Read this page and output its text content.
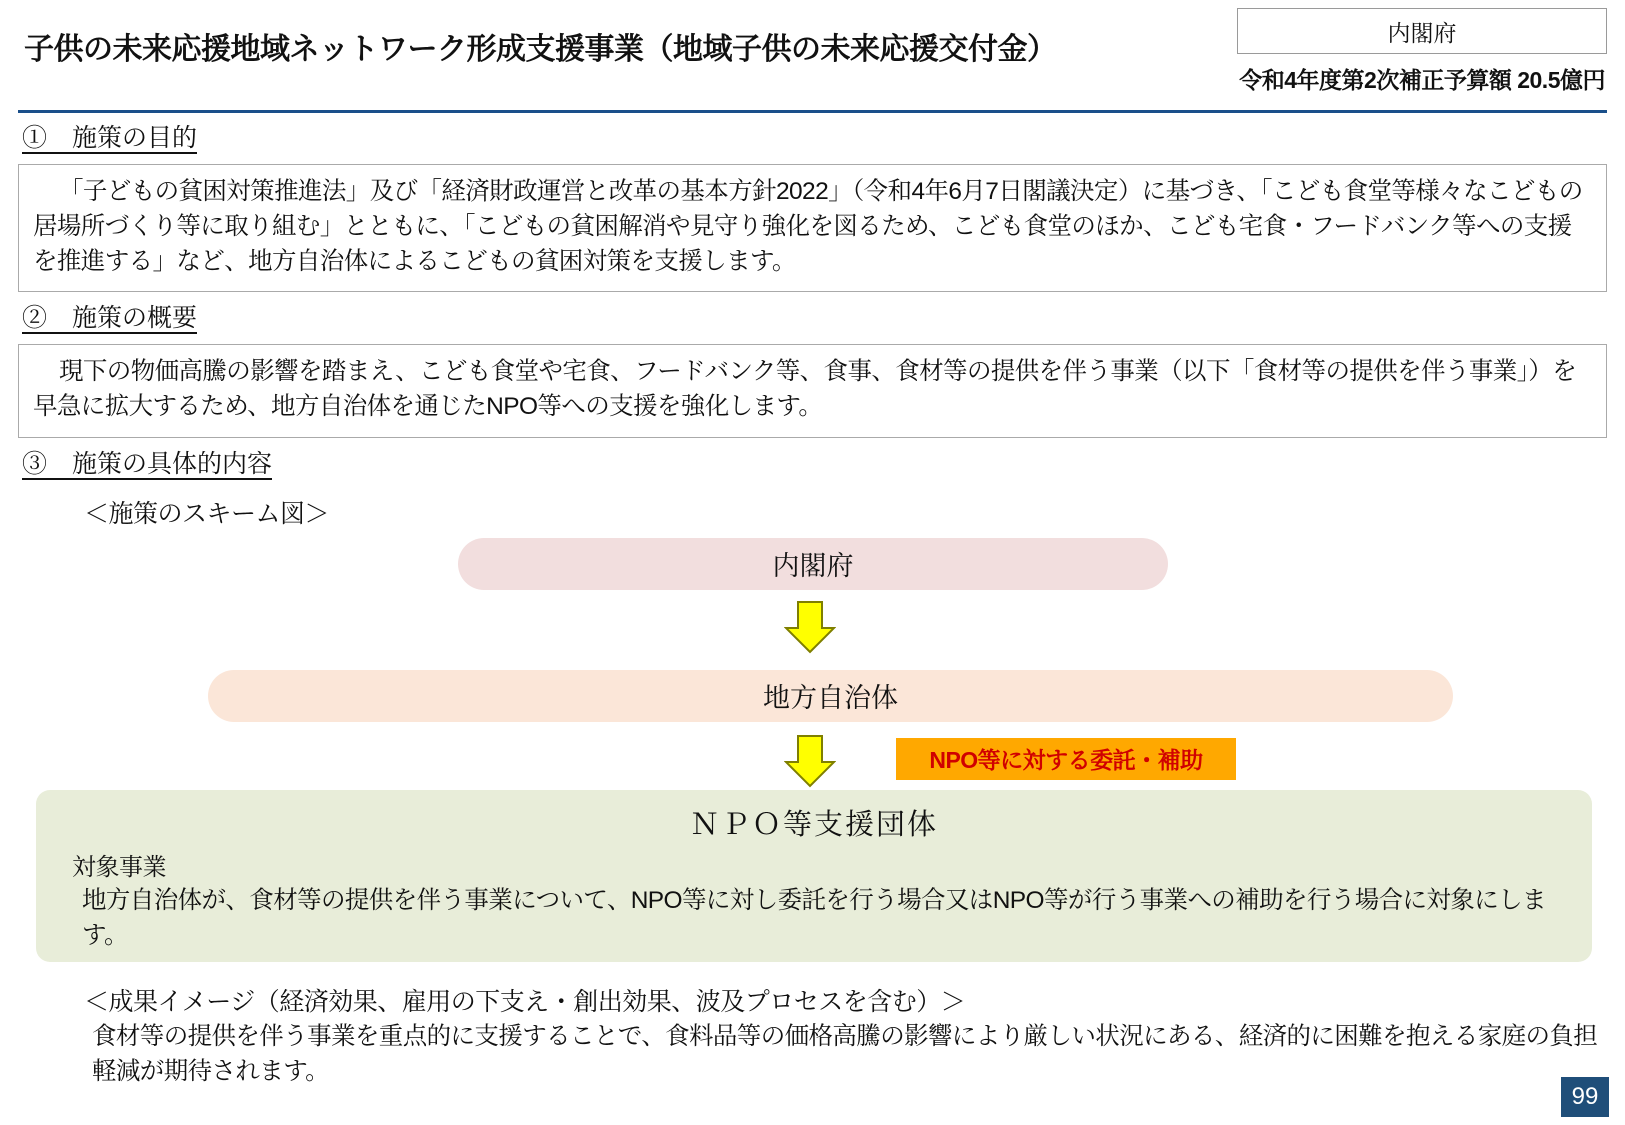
子供の未来応援地域ネットワーク形成支援事業（地域子供の未来応援交付金）
内閣府
令和4年度第2次補正予算額 20.5億円
①　施策の目的
「子どもの貧困対策推進法」及び「経済財政運営と改革の基本方針2022」（令和4年6月7日閣議決定）に基づき、「こども食堂等様々なこどもの居場所づくり等に取り組む」とともに、「こどもの貧困解消や見守り強化を図るため、こども食堂のほか、こども宅食・フードバンク等への支援を推進する」など、地方自治体によるこどもの貧困対策を支援します。
②　施策の概要
現下の物価高騰の影響を踏まえ、こども食堂や宅食、フードバンク等、食事、食材等の提供を伴う事業（以下「食材等の提供を伴う事業」）を早急に拡大するため、地方自治体を通じたNPO等への支援を強化します。
③　施策の具体的内容
＜施策のスキーム図＞
内閣府
地方自治体
NPO等に対する委託・補助
ＮＰＯ等支援団体
対象事業
地方自治体が、食材等の提供を伴う事業について、NPO等に対し委託を行う場合又はNPO等が行う事業への補助を行う場合に対象にします。
＜成果イメージ（経済効果、雇用の下支え・創出効果、波及プロセスを含む）＞
食材等の提供を伴う事業を重点的に支援することで、食料品等の価格高騰の影響により厳しい状況にある、経済的に困難を抱える家庭の負担軽減が期待されます。
99
